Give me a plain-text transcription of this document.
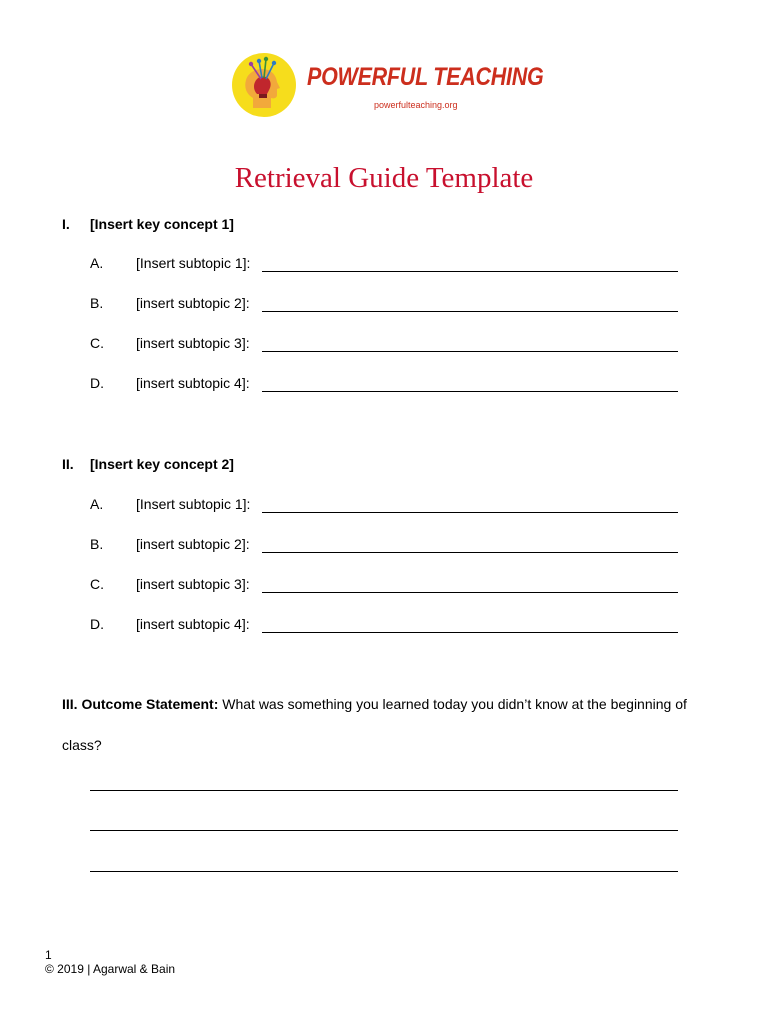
POWERFUL TEACHING
powerfulteaching.org
Retrieval Guide Template
I. [Insert key concept 1]
A. [Insert subtopic 1]:
B. [insert subtopic 2]:
C. [insert subtopic 3]:
D. [insert subtopic 4]:
II. [Insert key concept 2]
A. [Insert subtopic 1]:
B. [insert subtopic 2]:
C. [insert subtopic 3]:
D. [insert subtopic 4]:
III. Outcome Statement: What was something you learned today you didn’t know at the beginning of class?
1
© 2019 | Agarwal & Bain
